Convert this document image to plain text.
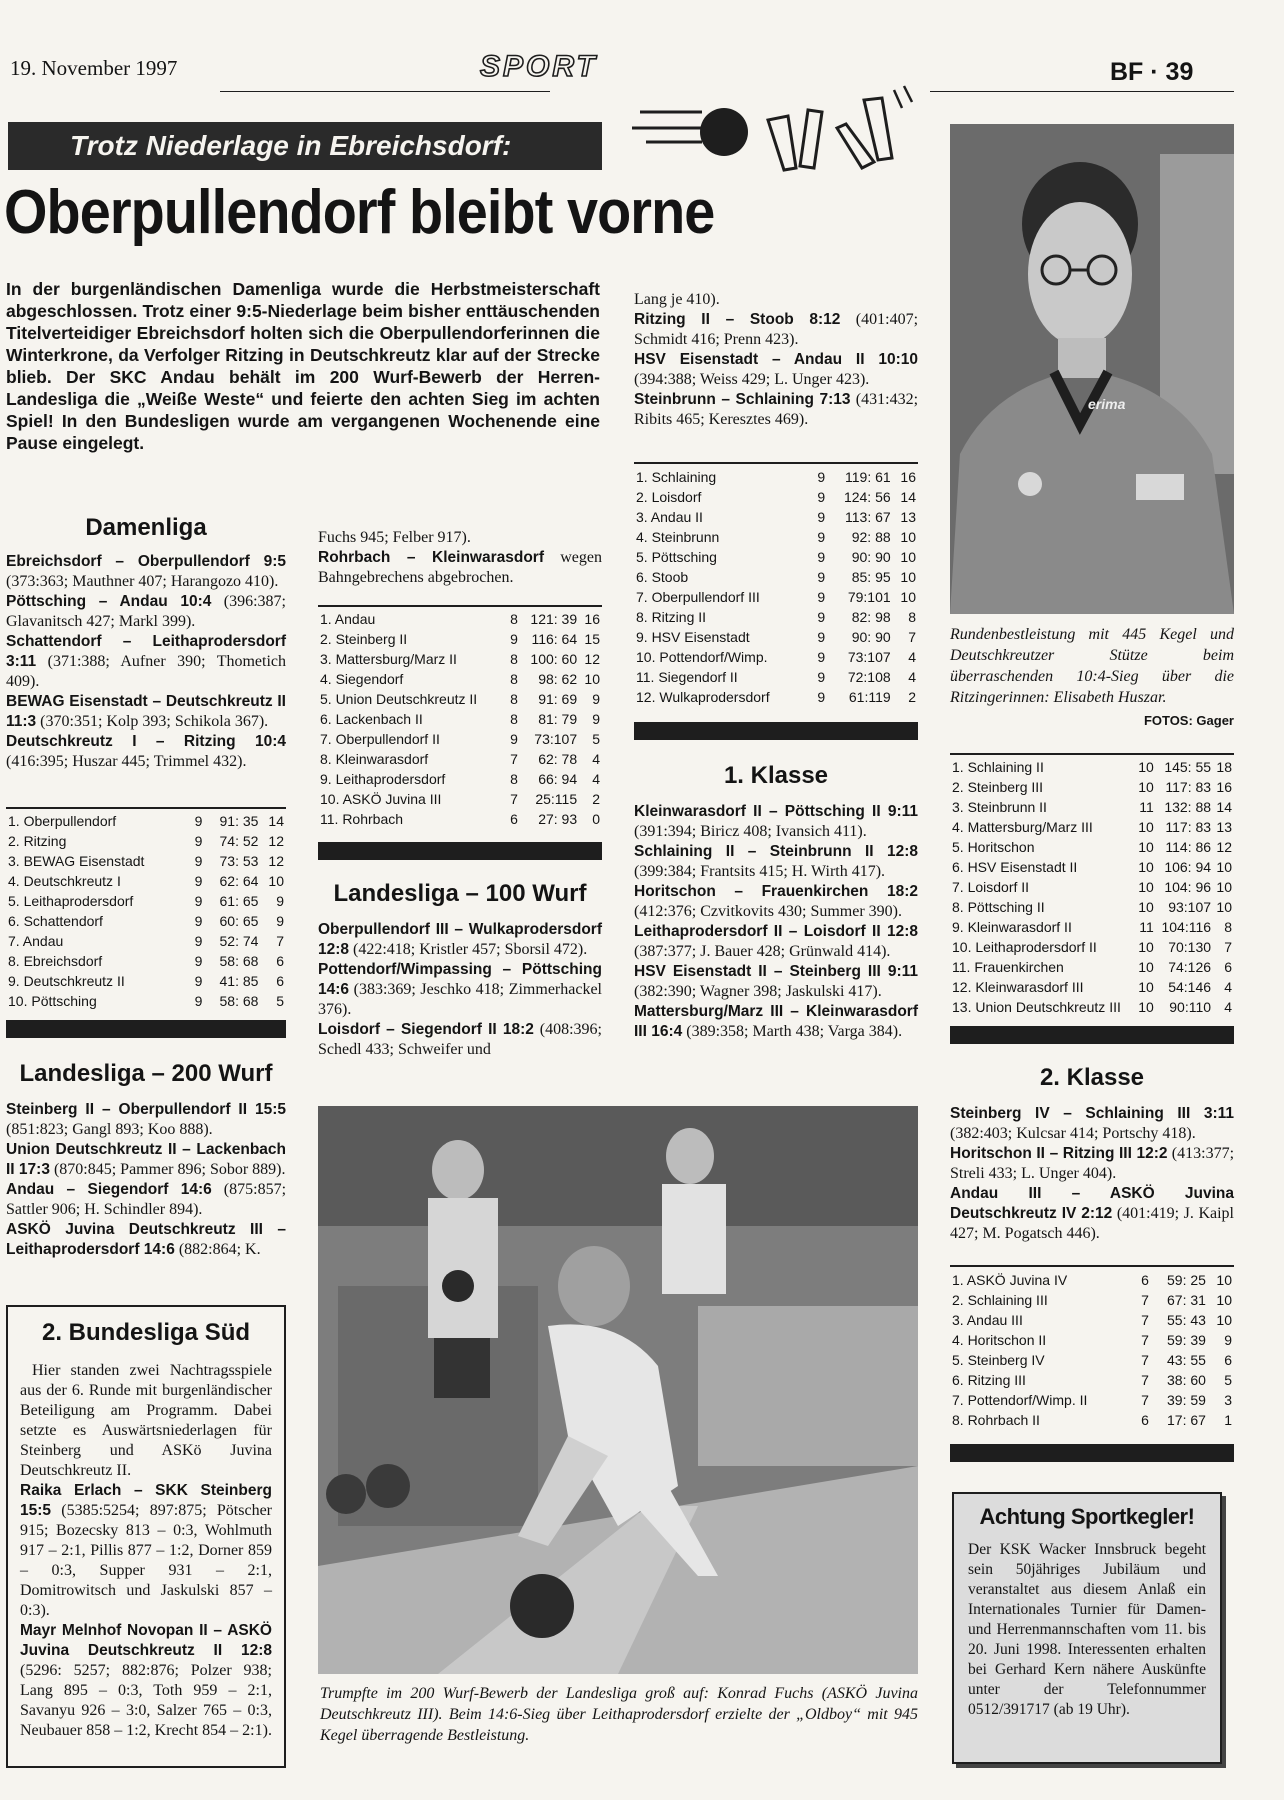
19. November 1997	SPORT	BF · 39
Trotz Niederlage in Ebreichsdorf:
Oberpullendorf bleibt vorne
In der burgenländischen Damenliga wurde die Herbstmeisterschaft abgeschlossen. Trotz einer 9:5-Niederlage beim bisher enttäuschenden Titelverteidiger Ebreichsdorf holten sich die Oberpullendorferinnen die Winterkrone, da Verfolger Ritzing in Deutschkreutz klar auf der Strecke blieb. Der SKC Andau behält im 200 Wurf-Bewerb der Herren-Landesliga die „Weiße Weste“ und feierte den achten Sieg im achten Spiel! In den Bundesligen wurde am vergangenen Wochenende eine Pause eingelegt.
Damenliga

Ebreichsdorf – Oberpullendorf 9:5 (373:363; Mauthner 407; Harangozo 410).

Pöttsching – Andau 10:4 (396:387; Glavanitsch 427; Markl 399).

Schattendorf – Leithaprodersdorf 3:11 (371:388; Aufner 390; Thometich 409).

BEWAG Eisenstadt – Deutschkreutz II 11:3 (370:351; Kolp 393; Schikola 367).

Deutschkreutz I – Ritzing 10:4 (416:395; Huszar 445; Trimmel 432).

1. Oberpullendorf	9	91: 35	14
2. Ritzing	9	74: 52	12
3. BEWAG Eisenstadt	9	73: 53	12
4. Deutschkreutz I	9	62: 64	10
5. Leithaprodersdorf	9	61: 65	9
6. Schattendorf	9	60: 65	9
7. Andau	9	52: 74	7
8. Ebreichsdorf	9	58: 68	6
9. Deutschkreutz II	9	41: 85	6
10. Pöttsching	9	58: 68	5
Landesliga – 200 Wurf

Steinberg II – Oberpullendorf II 15:5 (851:823; Gangl 893; Koo 888).

Union Deutschkreutz II – Lackenbach II 17:3 (870:845; Pammer 896; Sobor 889).

Andau – Siegendorf 14:6 (875:857; Sattler 906; H. Schindler 894).

ASKÖ Juvina Deutschkreutz III – Leithaprodersdorf 14:6 (882:864; K.

2. Bundesliga Süd

Hier standen zwei Nachtragsspiele aus der 6. Runde mit burgenländischer Beteiligung am Programm. Dabei setzte es Auswärtsniederlagen für Steinberg und ASKö Juvina Deutschkreutz II.

Raika Erlach – SKK Steinberg 15:5 (5385:5254; 897:875; Pötscher 915; Bozecsky 813 – 0:3, Wohlmuth 917 – 2:1, Pillis 877 – 1:2, Dorner 859 – 0:3, Supper 931 – 2:1, Domitrowitsch und Jaskulski 857 – 0:3).

Mayr Melnhof Novopan II – ASKÖ Juvina Deutschkreutz II 12:8 (5296: 5257; 882:876; Polzer 938; Lang 895 – 0:3, Toth 959 – 2:1, Savanyu 926 – 3:0, Salzer 765 – 0:3, Neubauer 858 – 1:2, Krecht 854 – 2:1).

Fuchs 945; Felber 917).

Rohrbach – Kleinwarasdorf wegen Bahngebrechens abgebrochen.

1. Andau	8	121: 39	16
2. Steinberg II	9	116: 64	15
3. Mattersburg/Marz II	8	100: 60	12
4. Siegendorf	8	98: 62	10
5. Union Deutschkreutz II	8	91: 69	9
6. Lackenbach II	8	81: 79	9
7. Oberpullendorf II	9	73:107	5
8. Kleinwarasdorf	7	62: 78	4
9. Leithaprodersdorf	8	66: 94	4
10. ASKÖ Juvina III	7	25:115	2
11. Rohrbach	6	27: 93	0
Landesliga – 100 Wurf

Oberpullendorf III – Wulkaprodersdorf 12:8 (422:418; Kristler 457; Sborsil 472).

Pottendorf/Wimpassing – Pöttsching 14:6 (383:369; Jeschko 418; Zimmerhackel 376).

Loisdorf – Siegendorf II 18:2 (408:396; Schedl 433; Schweifer und

Lang je 410).

Ritzing II – Stoob 8:12 (401:407; Schmidt 416; Prenn 423).

HSV Eisenstadt – Andau II 10:10 (394:388; Weiss 429; L. Unger 423).

Steinbrunn – Schlaining 7:13 (431:432; Ribits 465; Keresztes 469).

1. Schlaining	9	119: 61	16
2. Loisdorf	9	124: 56	14
3. Andau II	9	113: 67	13
4. Steinbrunn	9	92: 88	10
5. Pöttsching	9	90: 90	10
6. Stoob	9	85: 95	10
7. Oberpullendorf III	9	79:101	10
8. Ritzing II	9	82: 98	8
9. HSV Eisenstadt	9	90: 90	7
10. Pottendorf/Wimp.	9	73:107	4
11. Siegendorf II	9	72:108	4
12. Wulkaprodersdorf	9	61:119	2
1. Klasse

Kleinwarasdorf II – Pöttsching II 9:11 (391:394; Biricz 408; Ivansich 411).

Schlaining II – Steinbrunn II 12:8 (399:384; Frantsits 415; H. Wirth 417).

Horitschon – Frauenkirchen 18:2 (412:376; Czvitkovits 430; Summer 390).

Leithaprodersdorf II – Loisdorf II 12:8 (387:377; J. Bauer 428; Grünwald 414).

HSV Eisenstadt II – Steinberg III 9:11 (382:390; Wagner 398; Jaskulski 417).

Mattersburg/Marz III – Kleinwarasdorf III 16:4 (389:358; Marth 438; Varga 384).

erima
Rundenbestleistung mit 445 Kegel und Deutschkreutzer Stütze beim überraschenden 10:4-Sieg über die Ritzingerinnen: Elisabeth Huszar.
FOTOS: Gager
1. Schlaining II	10	145: 55	18
2. Steinberg III	10	117: 83	16
3. Steinbrunn II	11	132: 88	14
4. Mattersburg/Marz III	10	117: 83	13
5. Horitschon	10	114: 86	12
6. HSV Eisenstadt II	10	106: 94	10
7. Loisdorf II	10	104: 96	10
8. Pöttsching II	10	93:107	10
9. Kleinwarasdorf II	11	104:116	8
10. Leithaprodersdorf II	10	70:130	7
11. Frauenkirchen	10	74:126	6
12. Kleinwarasdorf III	10	54:146	4
13. Union Deutschkreutz III	10	90:110	4
2. Klasse

Steinberg IV – Schlaining III 3:11 (382:403; Kulcsar 414; Portschy 418).

Horitschon II – Ritzing III 12:2 (413:377; Streli 433; L. Unger 404).

Andau III – ASKÖ Juvina Deutschkreutz IV 2:12 (401:419; J. Kaipl 427; M. Pogatsch 446).

1. ASKÖ Juvina IV	6	59: 25	10
2. Schlaining III	7	67: 31	10
3. Andau III	7	55: 43	10
4. Horitschon II	7	59: 39	9
5. Steinberg IV	7	43: 55	6
6. Ritzing III	7	38: 60	5
7. Pottendorf/Wimp. II	7	39: 59	3
8. Rohrbach II	6	17: 67	1
Achtung Sportkegler!
Der KSK Wacker Innsbruck begeht sein 50jähriges Jubiläum und veranstaltet aus diesem Anlaß ein Internationales Turnier für Damen- und Herrenmannschaften vom 11. bis 20. Juni 1998. Interessenten erhalten bei Gerhard Kern nähere Auskünfte unter der Telefonnummer 0512/391717 (ab 19 Uhr).
Trumpfte im 200 Wurf-Bewerb der Landesliga groß auf: Konrad Fuchs (ASKÖ Juvina Deutschkreutz III). Beim 14:6-Sieg über Leithaprodersdorf erzielte der „Oldboy“ mit 945 Kegel überragende Bestleistung.
